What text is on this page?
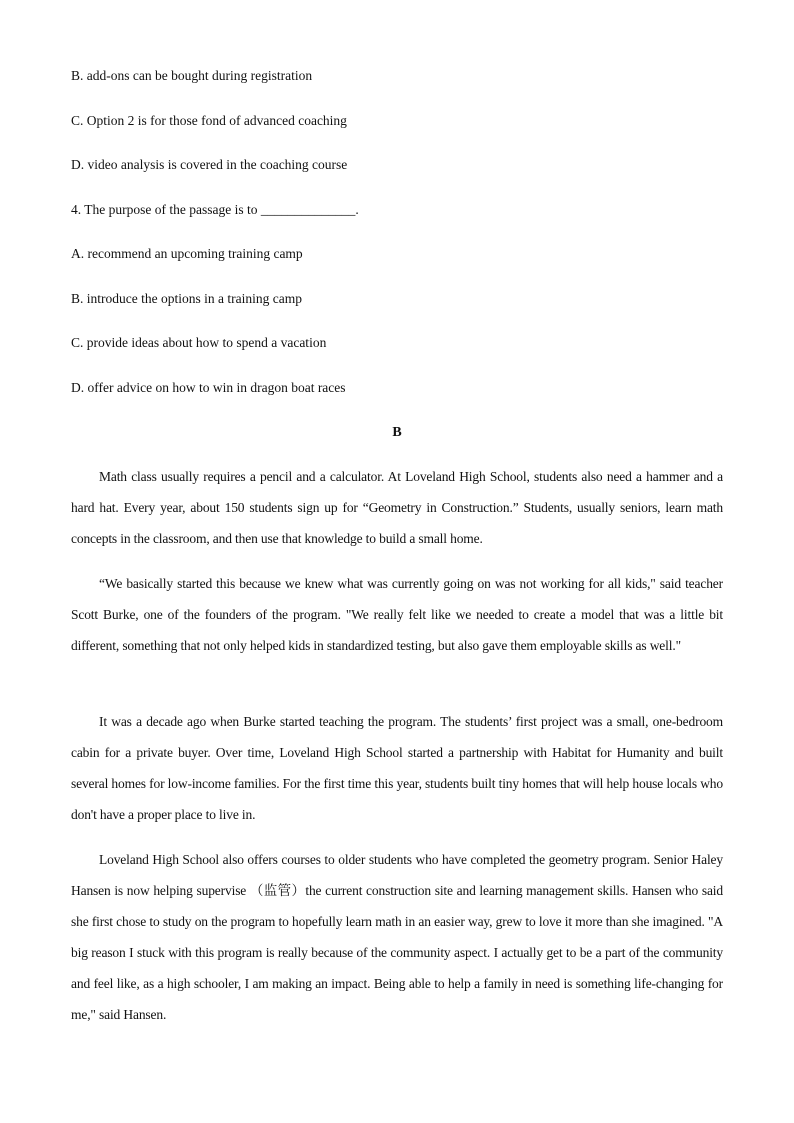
B. add-ons can be bought during registration
C. Option 2 is for those fond of advanced coaching
D. video analysis is covered in the coaching course
4. The purpose of the passage is to ______________.
A. recommend an upcoming training camp
B. introduce the options in a training camp
C. provide ideas about how to spend a vacation
D. offer advice on how to win in dragon boat races
B
Math class usually requires a pencil and a calculator. At Loveland High School, students also need a hammer and a hard hat. Every year, about 150 students sign up for “Geometry in Construction.” Students, usually seniors, learn math concepts in the classroom, and then use that knowledge to build a small home.
“We basically started this because we knew what was currently going on was not working for all kids," said teacher Scott Burke, one of the founders of the program. "We really felt like we needed to create a model that was a little bit different, something that not only helped kids in standardized testing, but also gave them employable skills as well."
It was a decade ago when Burke started teaching the program. The students’ first project was a small, one-bedroom cabin for a private buyer. Over time, Loveland High School started a partnership with Habitat for Humanity and built several homes for low-income families. For the first time this year, students built tiny homes that will help house locals who don't have a proper place to live in.
Loveland High School also offers courses to older students who have completed the geometry program. Senior Haley Hansen is now helping supervise （监管）the current construction site and learning management skills. Hansen who said she first chose to study on the program to hopefully learn math in an easier way, grew to love it more than she imagined. "A big reason I stuck with this program is really because of the community aspect. I actually get to be a part of the community and feel like, as a high schooler, I am making an impact. Being able to help a family in need is something life-changing for me," said Hansen.
